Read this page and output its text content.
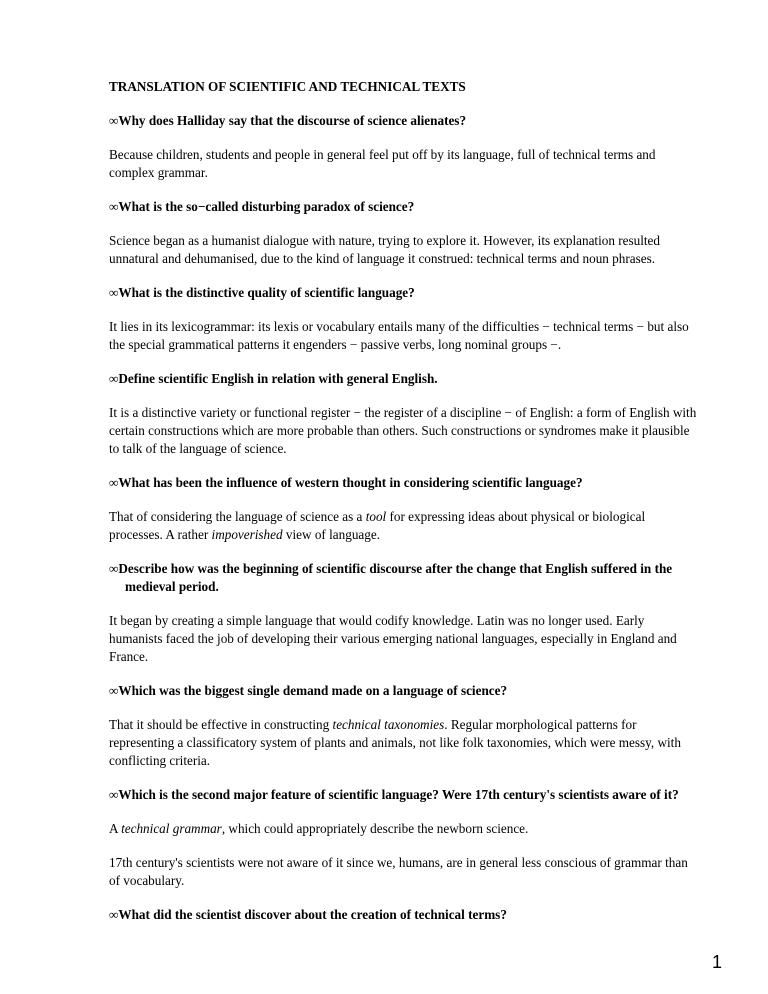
TRANSLATION OF SCIENTIFIC AND TECHNICAL TEXTS

∞Why does Halliday say that the discourse of science alienates?

Because children, students and people in general feel put off by its language, full of technical terms and complex grammar.

∞What is the so−called disturbing paradox of science?

Science began as a humanist dialogue with nature, trying to explore it. However, its explanation resulted unnatural and dehumanised, due to the kind of language it construed: technical terms and noun phrases.

∞What is the distinctive quality of scientific language?

It lies in its lexicogrammar: its lexis or vocabulary entails many of the difficulties − technical terms − but also the special grammatical patterns it engenders − passive verbs, long nominal groups −.

∞Define scientific English in relation with general English.

It is a distinctive variety or functional register − the register of a discipline − of English: a form of English with certain constructions which are more probable than others. Such constructions or syndromes make it plausible to talk of the language of science.

∞What has been the influence of western thought in considering scientific language?

That of considering the language of science as a tool for expressing ideas about physical or biological processes. A rather impoverished view of language.

∞Describe how was the beginning of scientific discourse after the change that English suffered in the medieval period.

It began by creating a simple language that would codify knowledge. Latin was no longer used. Early humanists faced the job of developing their various emerging national languages, especially in England and France.

∞Which was the biggest single demand made on a language of science?

That it should be effective in constructing technical taxonomies. Regular morphological patterns for representing a classificatory system of plants and animals, not like folk taxonomies, which were messy, with conflicting criteria.

∞Which is the second major feature of scientific language? Were 17th century's scientists aware of it?

A technical grammar, which could appropriately describe the newborn science.

17th century's scientists were not aware of it since we, humans, are in general less conscious of grammar than of vocabulary.

∞What did the scientist discover about the creation of technical terms?

1
